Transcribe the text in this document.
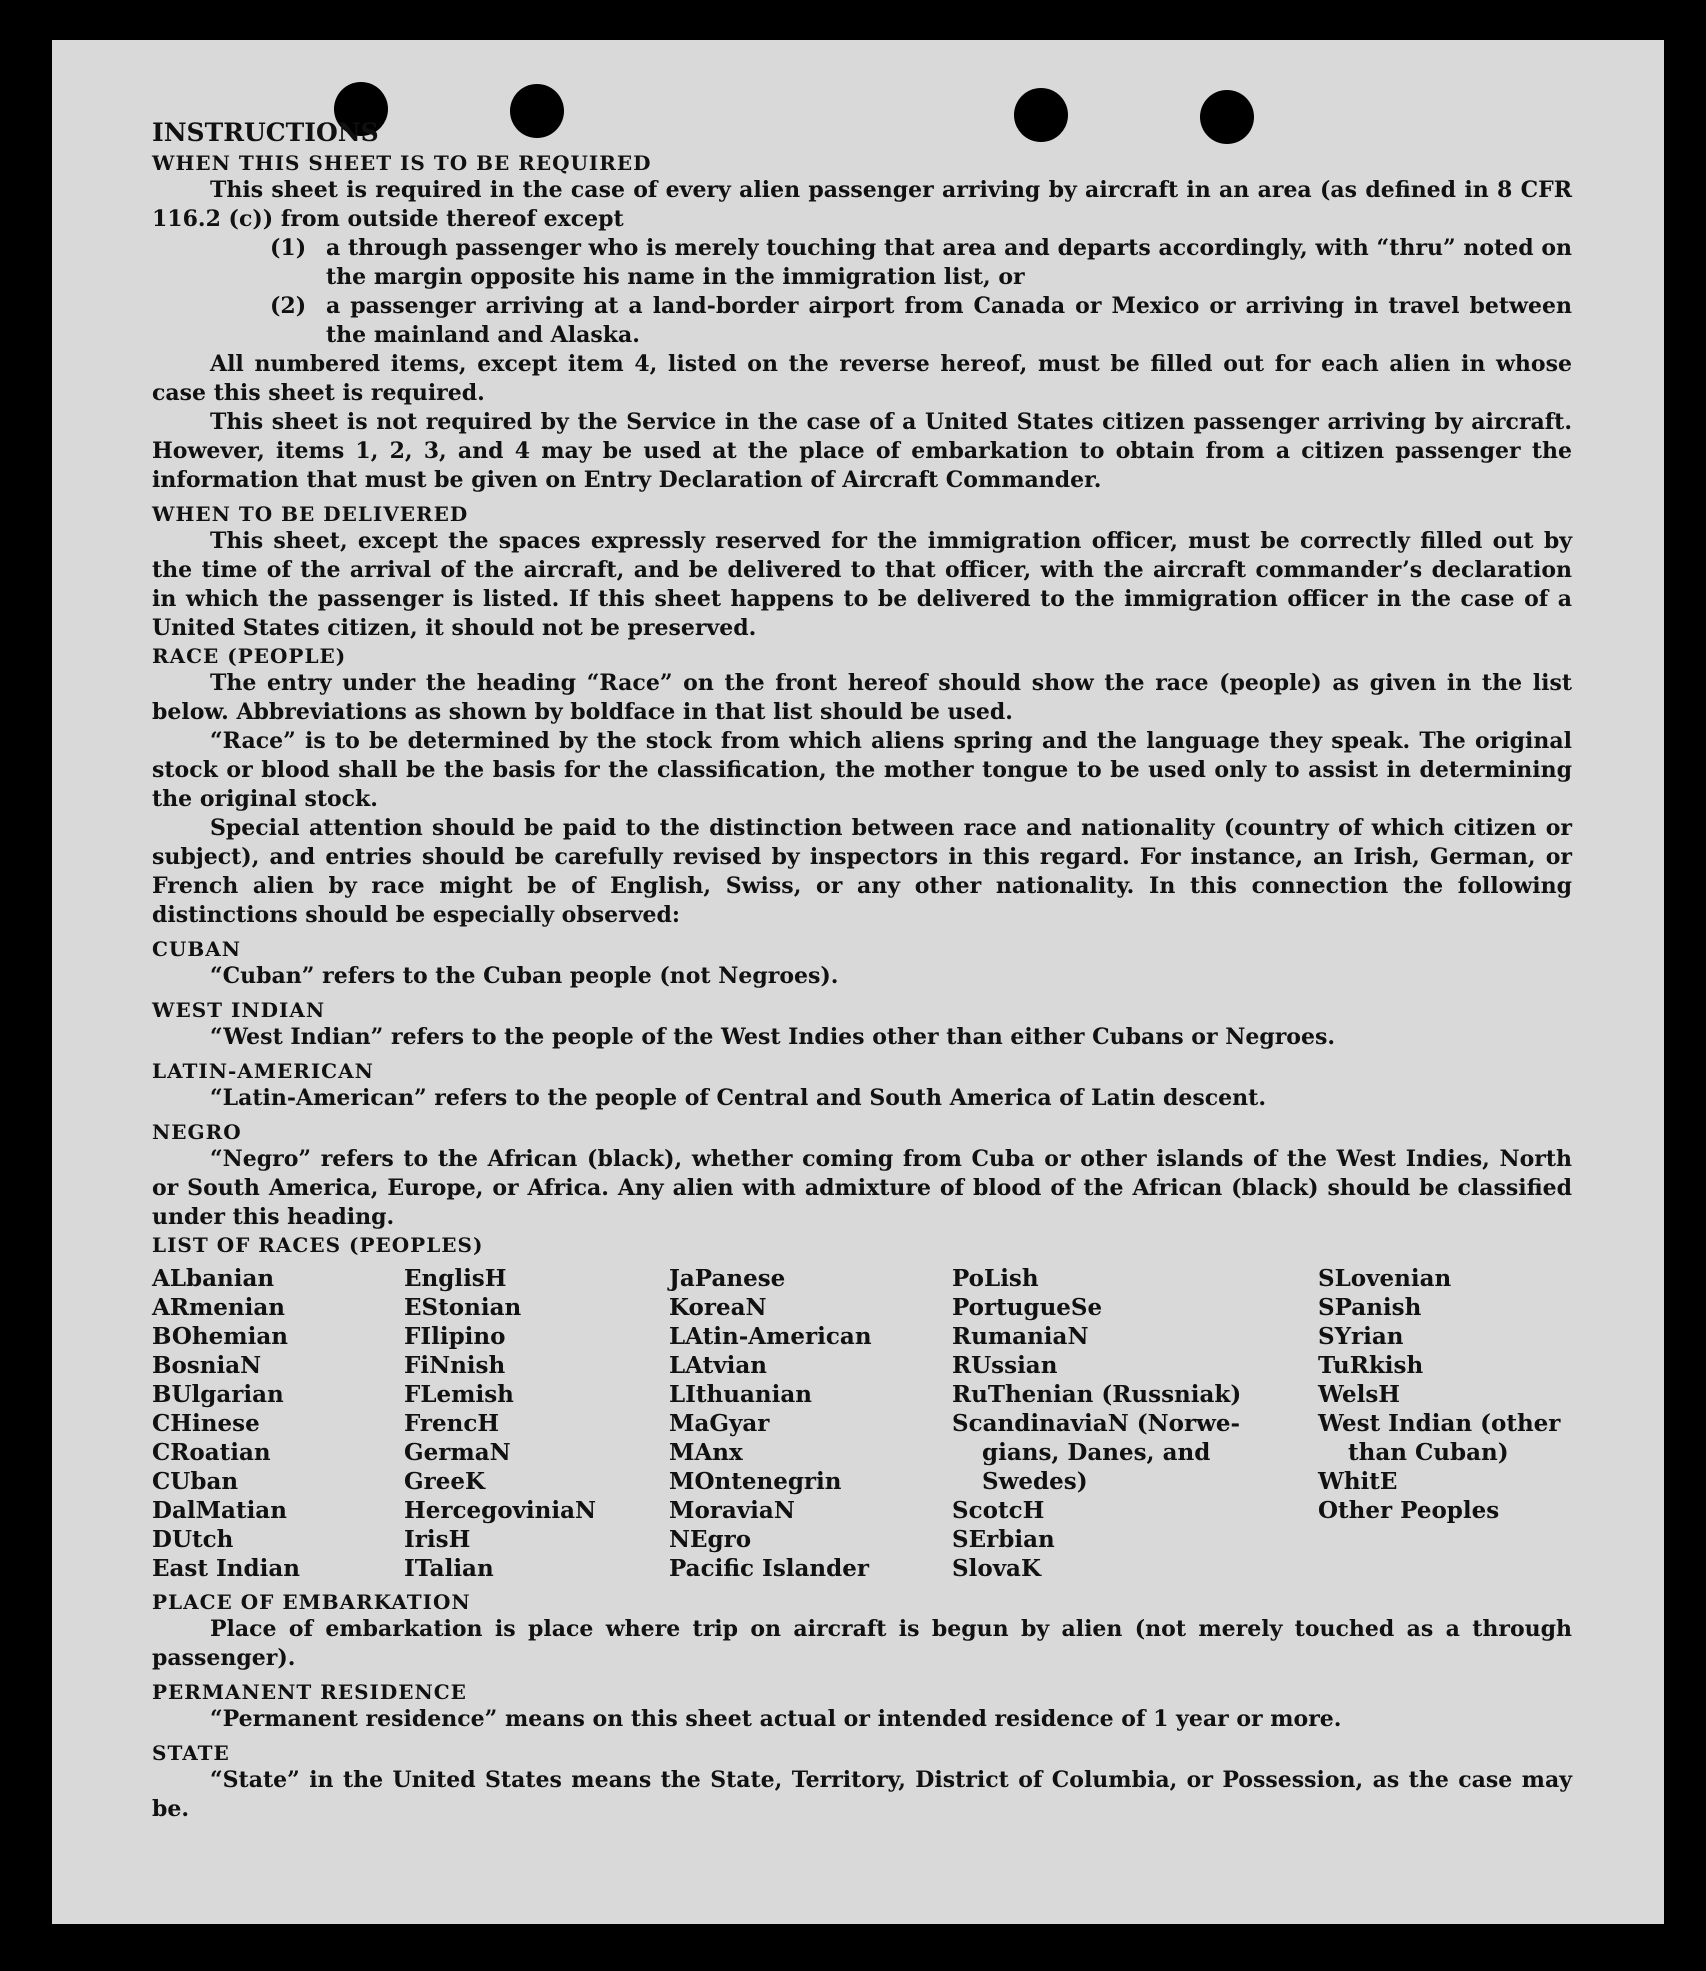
INSTRUCTIONS

WHEN THIS SHEET IS TO BE REQUIRED

This sheet is required in the case of every alien passenger arriving by aircraft in an area (as defined in 8 CFR 116.2 (c)) from outside thereof except

(1) a through passenger who is merely touching that area and departs accordingly, with “thru” noted on the margin opposite his name in the immigration list, or

(2) a passenger arriving at a land-border airport from Canada or Mexico or arriving in travel between the mainland and Alaska.

All numbered items, except item 4, listed on the reverse hereof, must be filled out for each alien in whose case this sheet is required.

This sheet is not required by the Service in the case of a United States citizen passenger arriving by aircraft. However, items 1, 2, 3, and 4 may be used at the place of embarkation to obtain from a citizen passenger the information that must be given on Entry Declaration of Aircraft Commander.

WHEN TO BE DELIVERED

This sheet, except the spaces expressly reserved for the immigration officer, must be correctly filled out by the time of the arrival of the aircraft, and be delivered to that officer, with the aircraft commander’s declaration in which the passenger is listed. If this sheet happens to be delivered to the immigration officer in the case of a United States citizen, it should not be preserved.

RACE (PEOPLE)

The entry under the heading “Race” on the front hereof should show the race (people) as given in the list below. Abbreviations as shown by boldface in that list should be used.

“Race” is to be determined by the stock from which aliens spring and the language they speak. The original stock or blood shall be the basis for the classification, the mother tongue to be used only to assist in determining the original stock.

Special attention should be paid to the distinction between race and nationality (country of which citizen or subject), and entries should be carefully revised by inspectors in this regard. For instance, an Irish, German, or French alien by race might be of English, Swiss, or any other nationality. In this connection the following distinctions should be especially observed:

CUBAN

“Cuban” refers to the Cuban people (not Negroes).

WEST INDIAN

“West Indian” refers to the people of the West Indies other than either Cubans or Negroes.

LATIN-AMERICAN

“Latin-American” refers to the people of Central and South America of Latin descent.

NEGRO

“Negro” refers to the African (black), whether coming from Cuba or other islands of the West Indies, North or South America, Europe, or Africa. Any alien with admixture of blood of the African (black) should be classified under this heading.

LIST OF RACES (PEOPLES)

ALbanian
ARmenian
BOhemian
BosniaN
BUlgarian
CHinese
CRoatian
CUban
DalMatian
DUtch
East Indian
EnglisH
EStonian
FIlipino
FiNnish
FLemish
FrencH
GermaN
GreeK
HercegoviniaN
IrisH
ITalian
JaPanese
KoreaN
LAtin-American
LAtvian
LIthuanian
MaGyar
MAnx
MOntenegrin
MoraviaN
NEgro
Pacific Islander
PoLish
PortugueSe
RumaniaN
RUssian
RuThenian (Russniak)
ScandinaviaN (Norwe-
gians, Danes, and
Swedes)
ScotcH
SErbian
SlovaK
SLovenian
SPanish
SYrian
TuRkish
WelsH
West Indian (other
than Cuban)
WhitE
Other Peoples

PLACE OF EMBARKATION

Place of embarkation is place where trip on aircraft is begun by alien (not merely touched as a through passenger).

PERMANENT RESIDENCE

“Permanent residence” means on this sheet actual or intended residence of 1 year or more.

STATE

“State” in the United States means the State, Territory, District of Columbia, or Possession, as the case may be.
